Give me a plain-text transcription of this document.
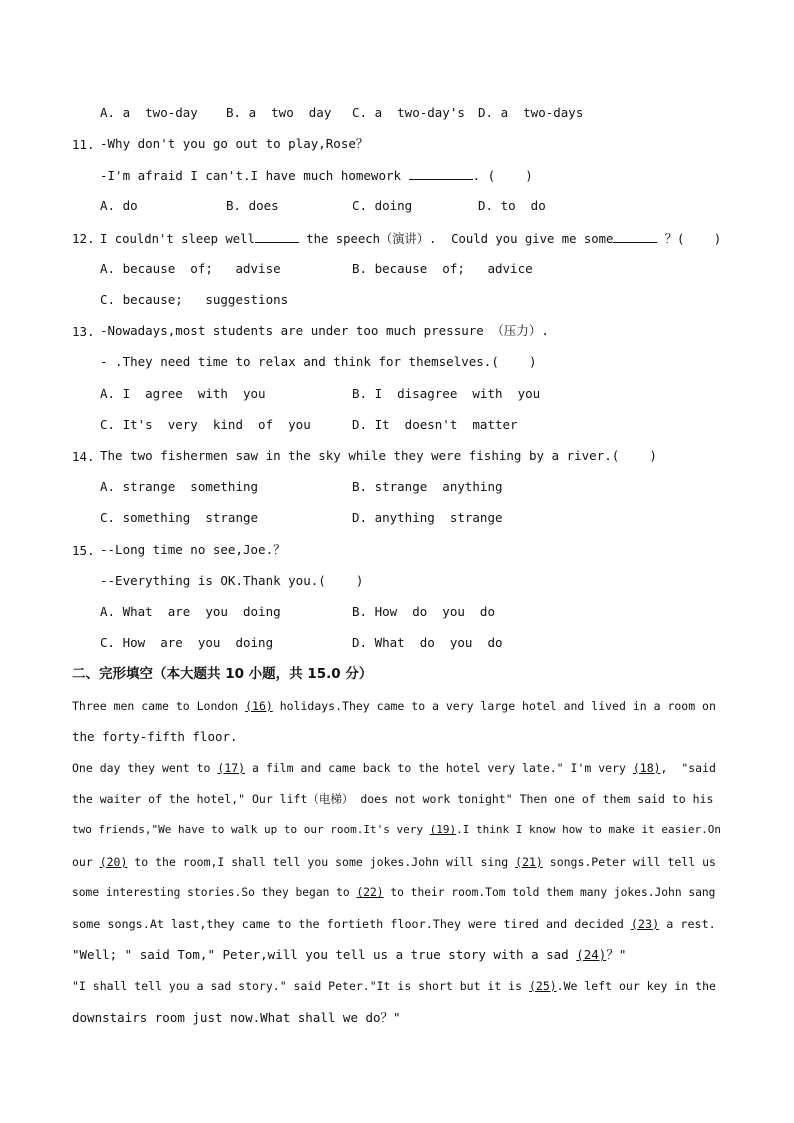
A. a  two-day B. a  two  day C. a  two-day's D. a  two-days
11. -Why don't you go out to play,Rose？
-I'm afraid I can't.I have much homework	. (    )
A. do	B. does	C. doing	D. to  do
12. I couldn't sleep well	the speech（演讲）.  Could you give me some	？(    )
A. because  of;   advise	B. because  of;   advice
C. because;   suggestions
13. -Nowadays,most students are under too much pressure （压力）.
- .They need time to relax and think for themselves.(    )
A. I  agree  with  you	B. I  disagree  with  you
C. It's  very  kind  of  you	D. It  doesn't  matter
14. The two fishermen saw in the sky while they were fishing by a river.(    )
A. strange  something	B. strange  anything
C. something  strange	D. anything  strange
15. --Long time no see,Joe.？
--Everything is OK.Thank you.(    )
A. What  are  you  doing	B. How  do  you  do
C. How  are  you  doing	D. What  do  you  do
二、完形填空（本大题共 10 小题，共 15.0 分）
Three men came to London (16) holidays.They came to a very large hotel and lived in a room on
the forty-fifth floor.
One day they went to (17) a film and came back to the hotel very late." I'm very (18),  "said
the waiter of the hotel," Our lift（电梯） does not work tonight" Then one of them said to his
two friends,"We have to walk up to our room.It's very (19).I think I know how to make it easier.On
our (20) to the room,I shall tell you some jokes.John will sing (21) songs.Peter will tell us
some interesting stories.So they began to (22) to their room.Tom told them many jokes.John sang
some songs.At last,they came to the fortieth floor.They were tired and decided (23) a rest.
"Well; " said Tom," Peter,will you tell us a true story with a sad (24)？"
"I shall tell you a sad story." said Peter."It is short but it is (25).We left our key in the
downstairs room just now.What shall we do？"
